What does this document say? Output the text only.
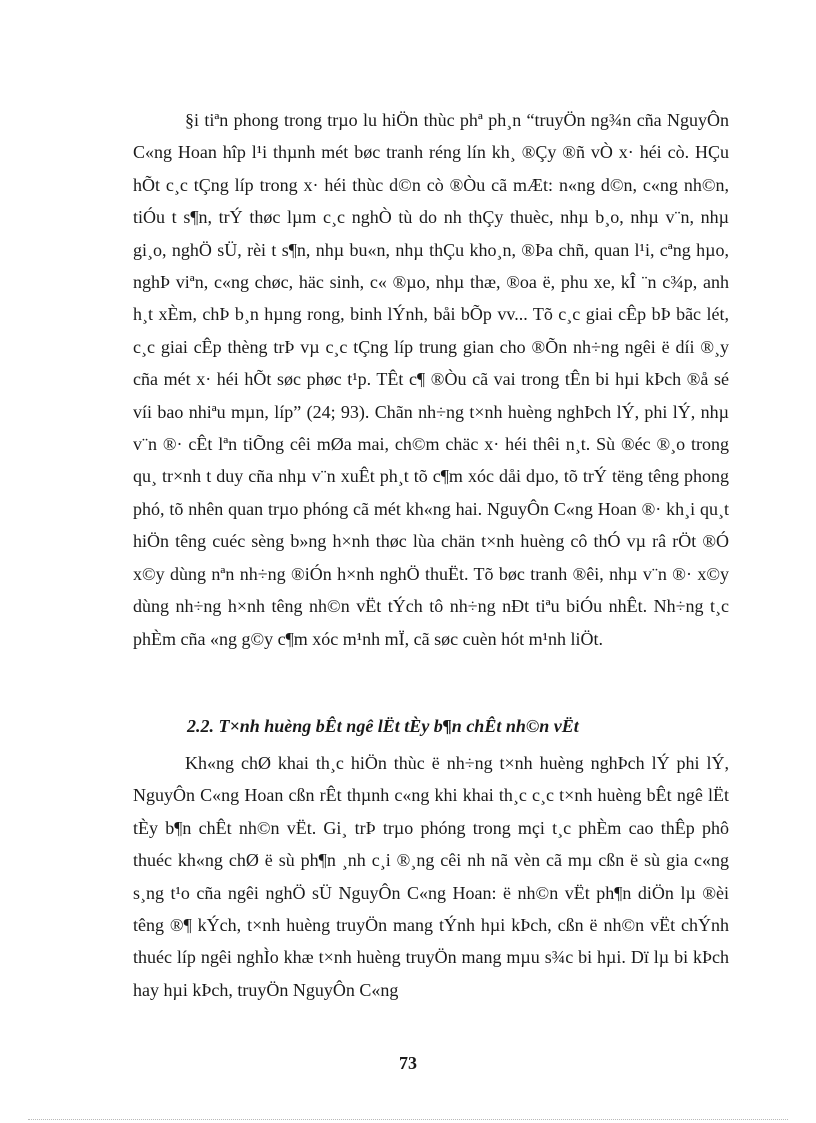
§i tiªn phong trong trµo lu hiÖn thùc phª ph¸n “truyÖn ng¾n cña NguyÔn C«ng Hoan hîp l¹i thµnh mét bøc tranh réng lín kh¸ ®Çy ®ñ vÒ x· héi cò. HÇu hÕt c¸c tÇng líp trong x· héi thùc d©n cò ®Òu cã mÆt: n«ng d©n, c«ng nh©n, tiÓu t s¶n, trÝ thøc lµm c¸c nghÒ tù do nh thÇy thuèc, nhµ b¸o, nhµ v¨n, nhµ gi¸o, nghÖ sÜ, rèi t s¶n, nhµ bu«n, nhµ thÇu kho¸n, ®Þa chñ, quan l¹i, cªng hµo, nghÞ viªn, c«ng chøc, häc sinh, c« ®µo, nhµ thæ, ®oa ë, phu xe, kÎ ¨n c¾p, anh h¸t xÈm, chÞ b¸n hµng rong, binh lÝnh, båi bÕp vv... Tõ c¸c giai cÊp bÞ bãc lét, c¸c giai cÊp thèng trÞ vµ c¸c tÇng líp trung gian cho ®Õn nh÷ng ngêi ë díi ®¸y cña mét x· héi hÕt søc phøc t¹p. TÊt c¶ ®Òu cã vai trong tÊn bi hµi kÞch ®å sé víi bao nhiªu mµn, líp” (24; 93). Chãn nh÷ng t×nh huèng nghÞch lÝ, phi lÝ, nhµ v¨n ®· cÊt lªn tiÕng cêi mØa mai, ch©m chäc x· héi thêi n¸t. Sù ®éc ®¸o trong qu¸ tr×nh t duy cña nhµ v¨n xuÊt ph¸t tõ c¶m xóc dåi dµo, tõ trÝ tëng têng phong phó, tõ nhên quan trµo phóng cã mét kh«ng hai. NguyÔn C«ng Hoan ®· kh¸i qu¸t hiÖn têng cuéc sèng b»ng h×nh thøc lùa chän t×nh huèng cô thÓ vµ râ rÖt ®Ó x©y dùng nªn nh÷ng ®iÓn h×nh nghÖ thuËt. Tõ bøc tranh ®êi, nhµ v¨n ®· x©y dùng nh÷ng h×nh têng nh©n vËt tÝch tô nh÷ng nÐt tiªu biÓu nhÊt. Nh÷ng t¸c phÈm cña «ng g©y c¶m xóc m¹nh mÏ, cã søc cuèn hót m¹nh liÖt.

2.2. T×nh huèng bÊt ngê lËt tÈy b¶n chÊt nh©n vËt

Kh«ng chØ khai th¸c hiÖn thùc ë nh÷ng t×nh huèng nghÞch lÝ phi lÝ, NguyÔn C«ng Hoan cßn rÊt thµnh c«ng khi khai th¸c c¸c t×nh huèng bÊt ngê lËt tÈy b¶n chÊt nh©n vËt. Gi¸ trÞ trµo phóng trong mçi t¸c phÈm cao thÊp phô thuéc kh«ng chØ ë sù ph¶n ¸nh c¸i ®¸ng cêi nh nã vèn cã mµ cßn ë sù gia c«ng s¸ng t¹o cña ngêi nghÖ sÜ NguyÔn C«ng Hoan: ë nh©n vËt ph¶n diÖn lµ ®èi têng ®¶ kÝch, t×nh huèng truyÖn mang tÝnh hµi kÞch, cßn ë nh©n vËt chÝnh thuéc líp ngêi nghÌo khæ t×nh huèng truyÖn mang mµu s¾c bi hµi. Dï lµ bi kÞch hay hµi kÞch, truyÖn NguyÔn C«ng

73
